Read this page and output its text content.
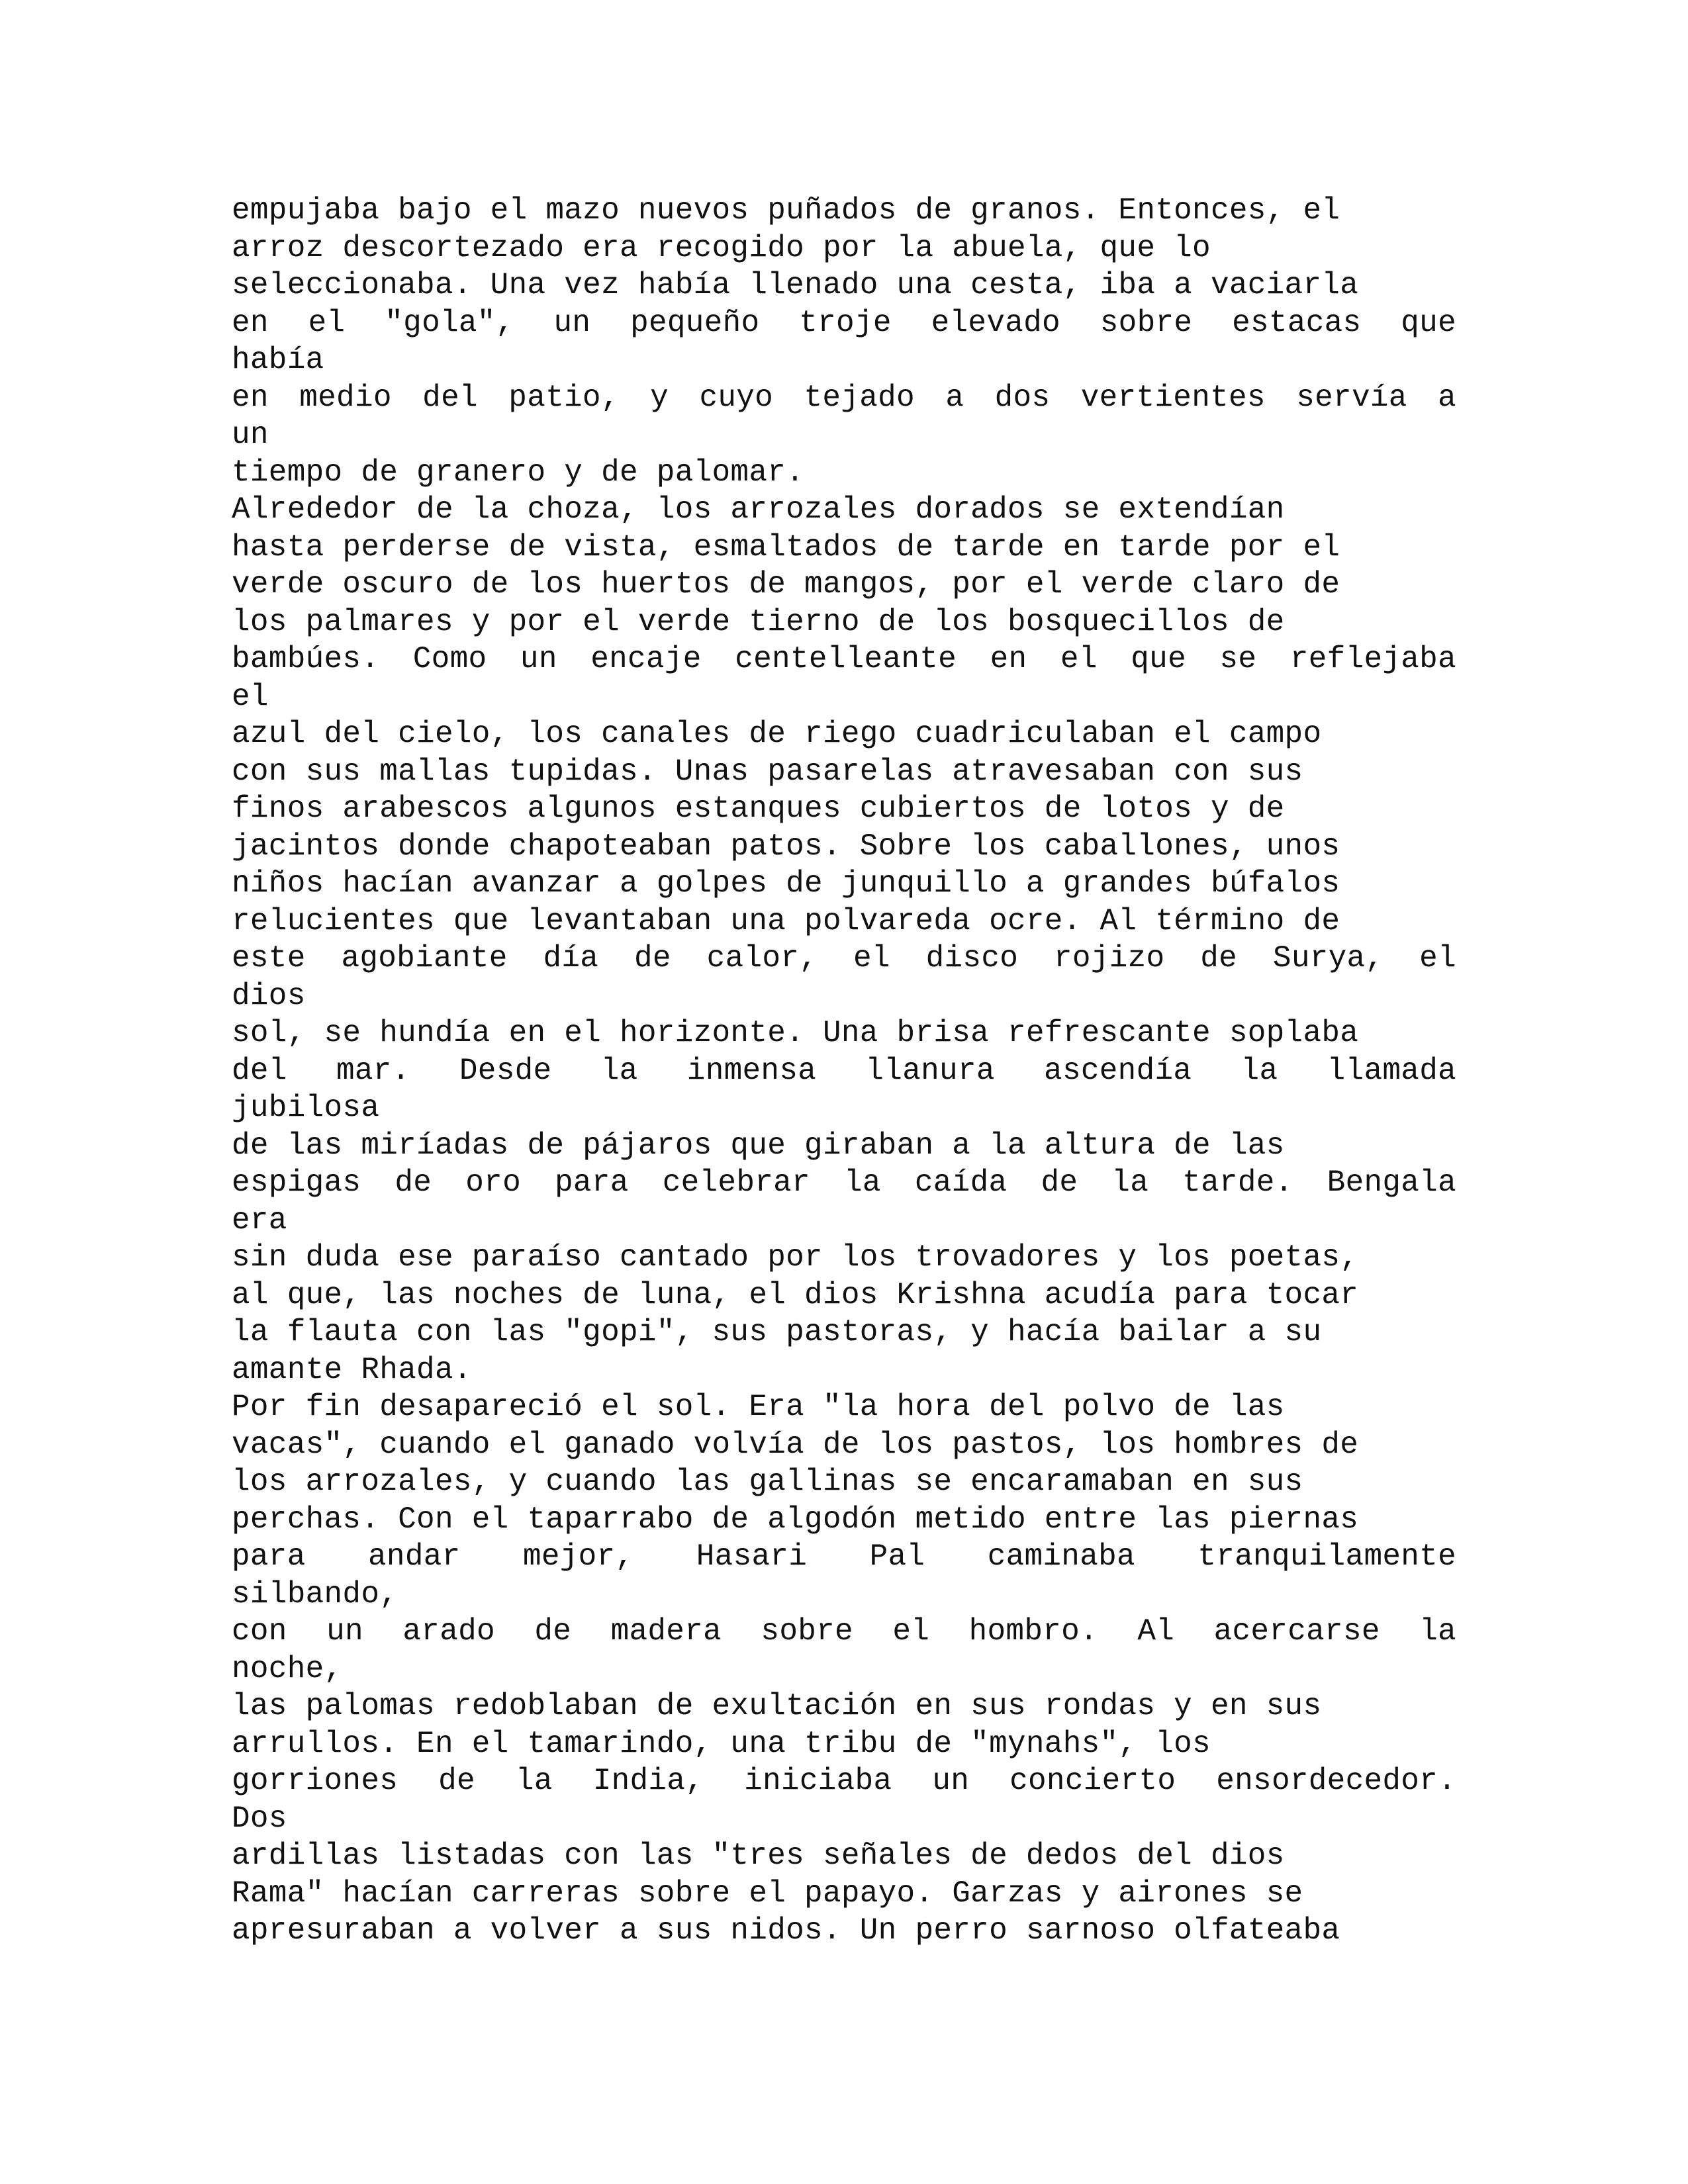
empujaba bajo el mazo nuevos puñados de granos. Entonces, el
arroz descortezado era recogido por la abuela, que lo
seleccionaba. Una vez había llenado una cesta, iba a vaciarla
en el "gola", un pequeño troje elevado sobre estacas que
había
en medio del patio, y cuyo tejado a dos vertientes servía a
un
tiempo de granero y de palomar.
Alrededor de la choza, los arrozales dorados se extendían
hasta perderse de vista, esmaltados de tarde en tarde por el
verde oscuro de los huertos de mangos, por el verde claro de
los palmares y por el verde tierno de los bosquecillos de
bambúes. Como un encaje centelleante en el que se reflejaba
el
azul del cielo, los canales de riego cuadriculaban el campo
con sus mallas tupidas. Unas pasarelas atravesaban con sus
finos arabescos algunos estanques cubiertos de lotos y de
jacintos donde chapoteaban patos. Sobre los caballones, unos
niños hacían avanzar a golpes de junquillo a grandes búfalos
relucientes que levantaban una polvareda ocre. Al término de
este agobiante día de calor, el disco rojizo de Surya, el
dios
sol, se hundía en el horizonte. Una brisa refrescante soplaba
del mar. Desde la inmensa llanura ascendía la llamada
jubilosa
de las miríadas de pájaros que giraban a la altura de las
espigas de oro para celebrar la caída de la tarde. Bengala
era
sin duda ese paraíso cantado por los trovadores y los poetas,
al que, las noches de luna, el dios Krishna acudía para tocar
la flauta con las "gopi", sus pastoras, y hacía bailar a su
amante Rhada.
Por fin desapareció el sol. Era "la hora del polvo de las
vacas", cuando el ganado volvía de los pastos, los hombres de
los arrozales, y cuando las gallinas se encaramaban en sus
perchas. Con el taparrabo de algodón metido entre las piernas
para andar mejor, Hasari Pal caminaba tranquilamente
silbando,
con un arado de madera sobre el hombro. Al acercarse la
noche,
las palomas redoblaban de exultación en sus rondas y en sus
arrullos. En el tamarindo, una tribu de "mynahs", los
gorriones de la India, iniciaba un concierto ensordecedor.
Dos
ardillas listadas con las "tres señales de dedos del dios
Rama" hacían carreras sobre el papayo. Garzas y airones se
apresuraban a volver a sus nidos. Un perro sarnoso olfateaba
